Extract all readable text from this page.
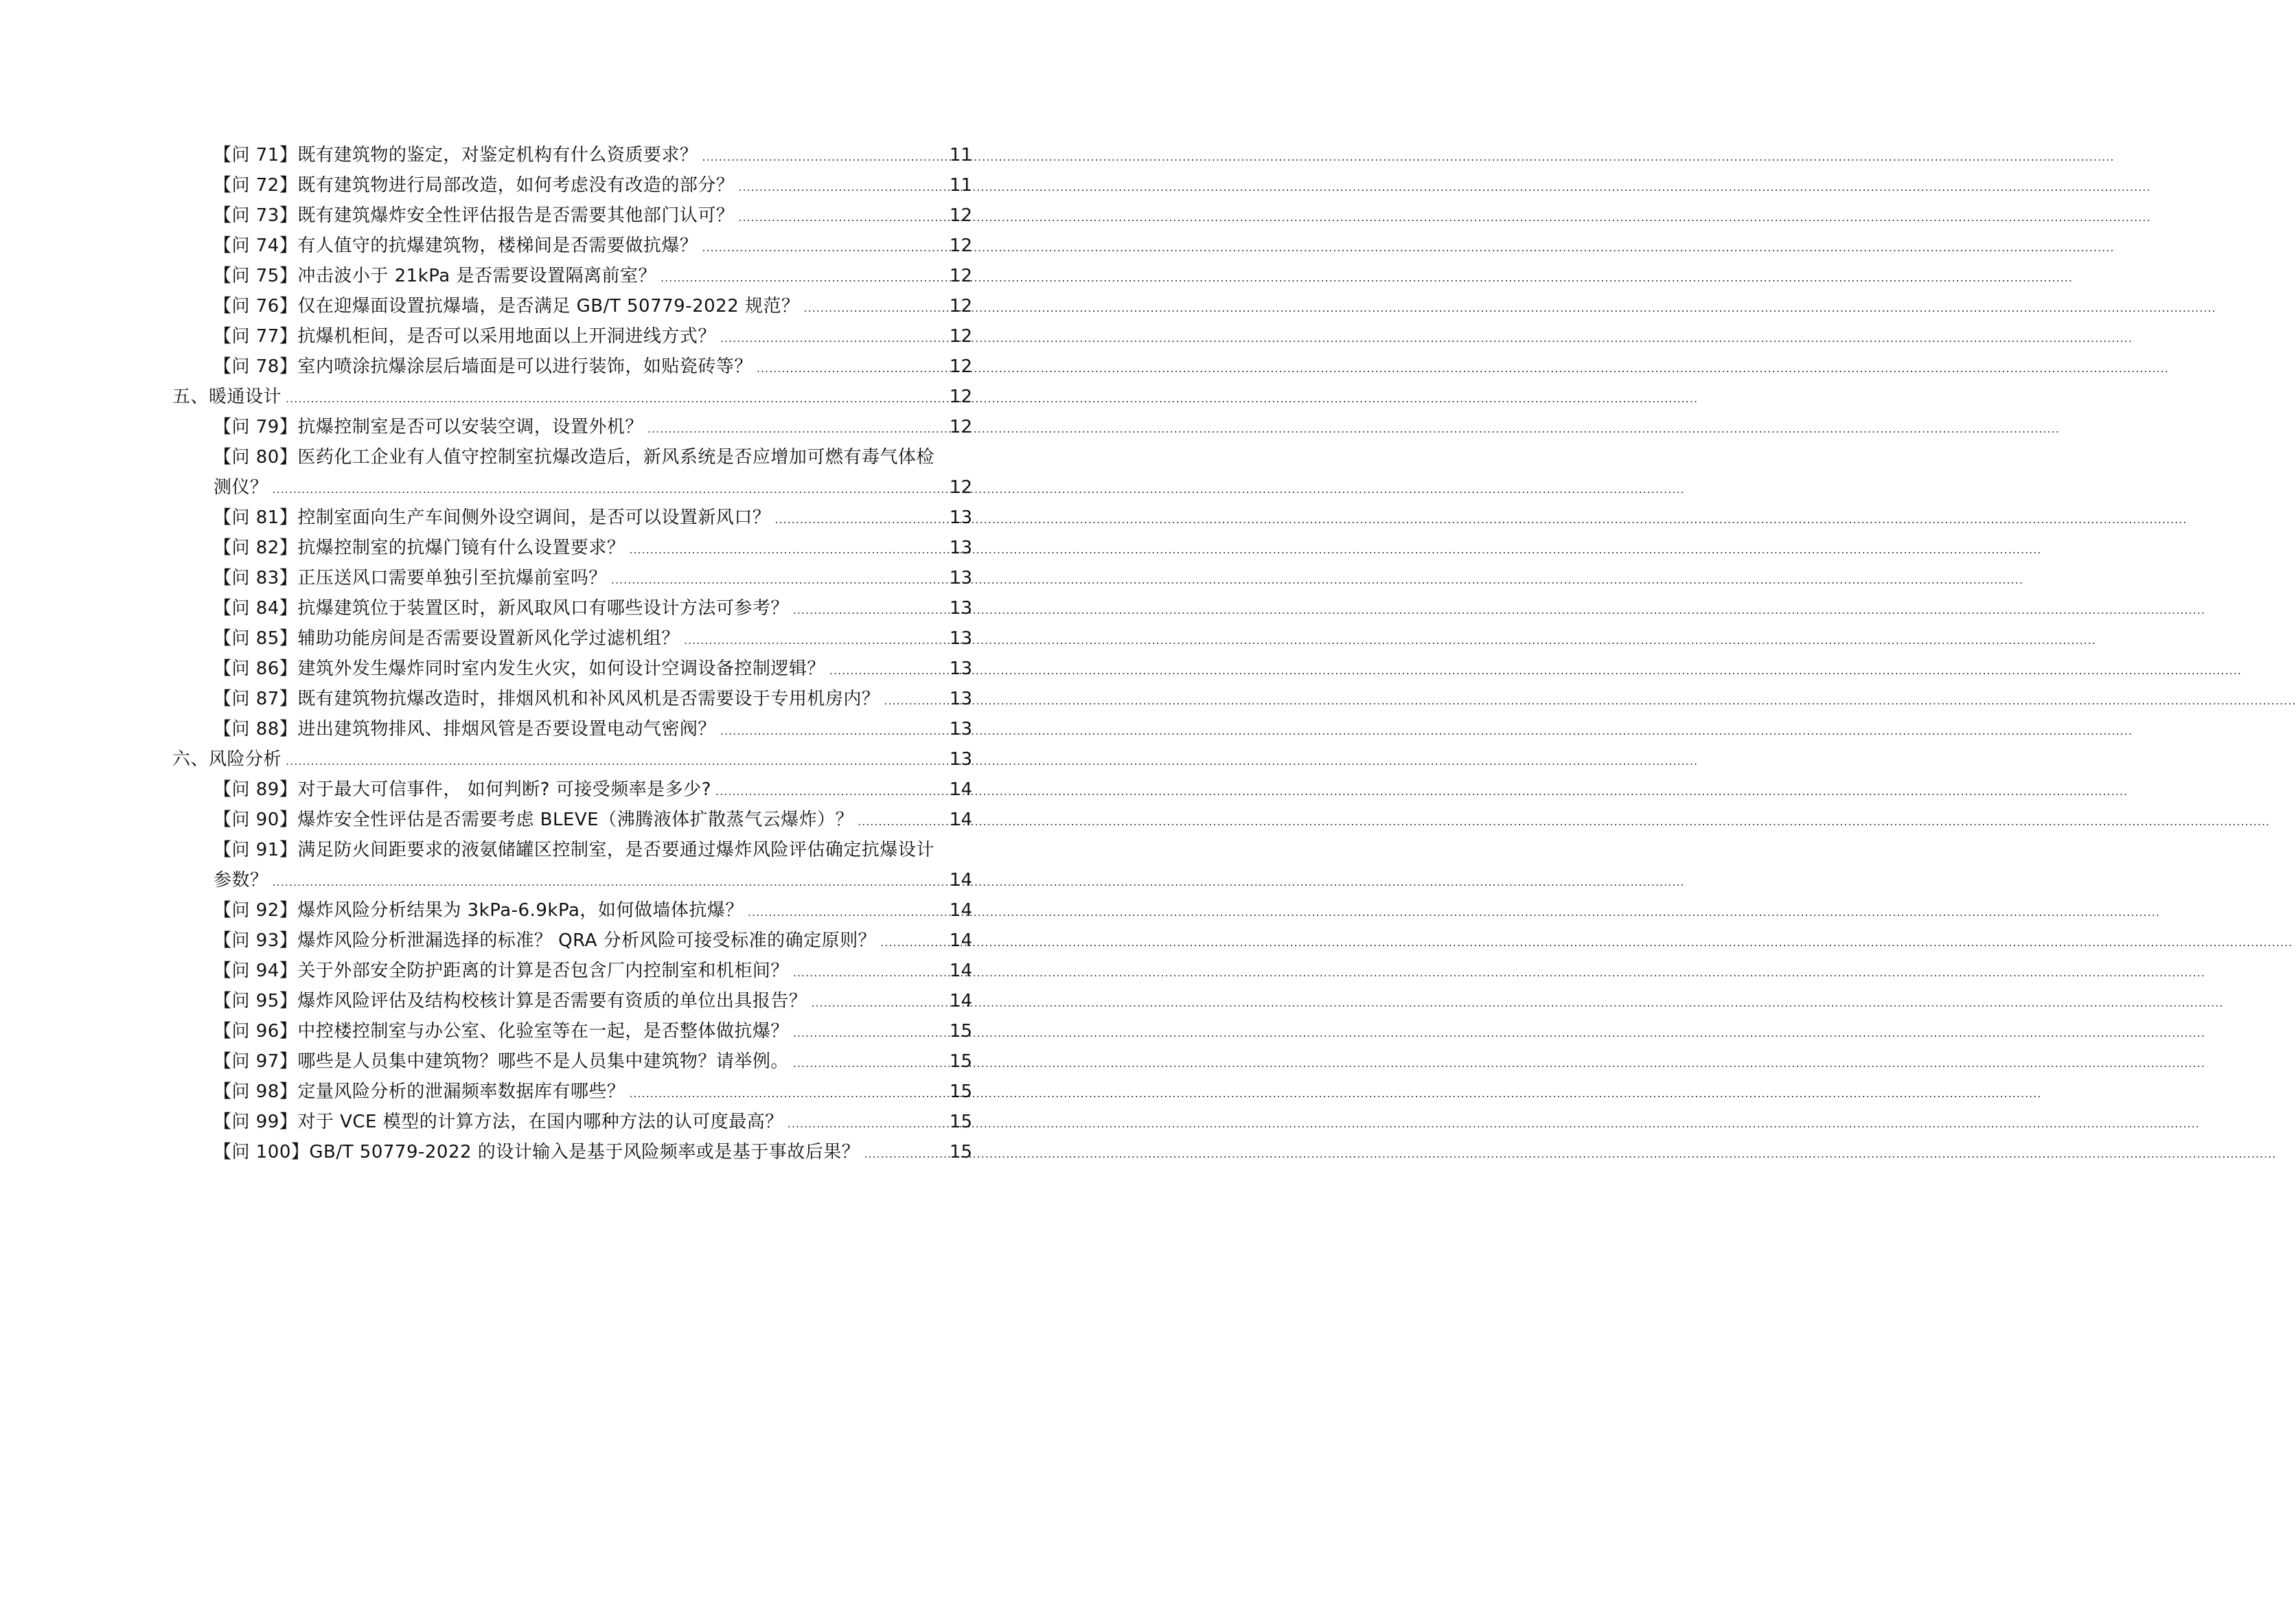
【问 71】既有建筑物的鉴定，对鉴定机构有什么资质要求？ .....	11
【问 72】既有建筑物进行局部改造，如何考虑没有改造的部分？ .....	11
【问 73】既有建筑爆炸安全性评估报告是否需要其他部门认可？ .....	12
【问 74】有人值守的抗爆建筑物，楼梯间是否需要做抗爆？ .....	12
【问 75】冲击波小于 21kPa 是否需要设置隔离前室？ .....	12
【问 76】仅在迎爆面设置抗爆墙，是否满足 GB/T 50779-2022 规范？ .....	12
【问 77】抗爆机柜间，是否可以采用地面以上开洞进线方式？ .....	12
【问 78】室内喷涂抗爆涂层后墙面是可以进行装饰，如贴瓷砖等？ .....	12
五、暖通设计 .....	12
【问 79】抗爆控制室是否可以安装空调，设置外机？ .....	12
【问 80】医药化工企业有人值守控制室抗爆改造后，新风系统是否应增加可燃有毒气体检
测仪？ .....	12
【问 81】控制室面向生产车间侧外设空调间，是否可以设置新风口？ .....	13
【问 82】抗爆控制室的抗爆门镜有什么设置要求？ .....	13
【问 83】正压送风口需要单独引至抗爆前室吗？ .....	13
【问 84】抗爆建筑位于装置区时，新风取风口有哪些设计方法可参考？ .....	13
【问 85】辅助功能房间是否需要设置新风化学过滤机组？ .....	13
【问 86】建筑外发生爆炸同时室内发生火灾，如何设计空调设备控制逻辑？ .....	13
【问 87】既有建筑物抗爆改造时，排烟风机和补风风机是否需要设于专用机房内？ .....	13
【问 88】进出建筑物排风、排烟风管是否要设置电动气密阀？ .....	13
六、风险分析 .....	13
【问 89】对于最大可信事件， 如何判断? 可接受频率是多少? .....	14
【问 90】爆炸安全性评估是否需要考虑 BLEVE（沸腾液体扩散蒸气云爆炸）？ .....	14
【问 91】满足防火间距要求的液氨储罐区控制室，是否要通过爆炸风险评估确定抗爆设计
参数？ .....	14
【问 92】爆炸风险分析结果为 3kPa-6.9kPa，如何做墙体抗爆？ .....	14
【问 93】爆炸风险分析泄漏选择的标准？ QRA 分析风险可接受标准的确定原则？ .....	14
【问 94】关于外部安全防护距离的计算是否包含厂内控制室和机柜间？ .....	14
【问 95】爆炸风险评估及结构校核计算是否需要有资质的单位出具报告？ .....	14
【问 96】中控楼控制室与办公室、化验室等在一起，是否整体做抗爆？ .....	15
【问 97】哪些是人员集中建筑物？哪些不是人员集中建筑物？请举例。 .....	15
【问 98】定量风险分析的泄漏频率数据库有哪些？ .....	15
【问 99】对于 VCE 模型的计算方法，在国内哪种方法的认可度最高？ .....	15
【问 100】GB/T 50779-2022 的设计输入是基于风险频率或是基于事故后果？ .....	15
